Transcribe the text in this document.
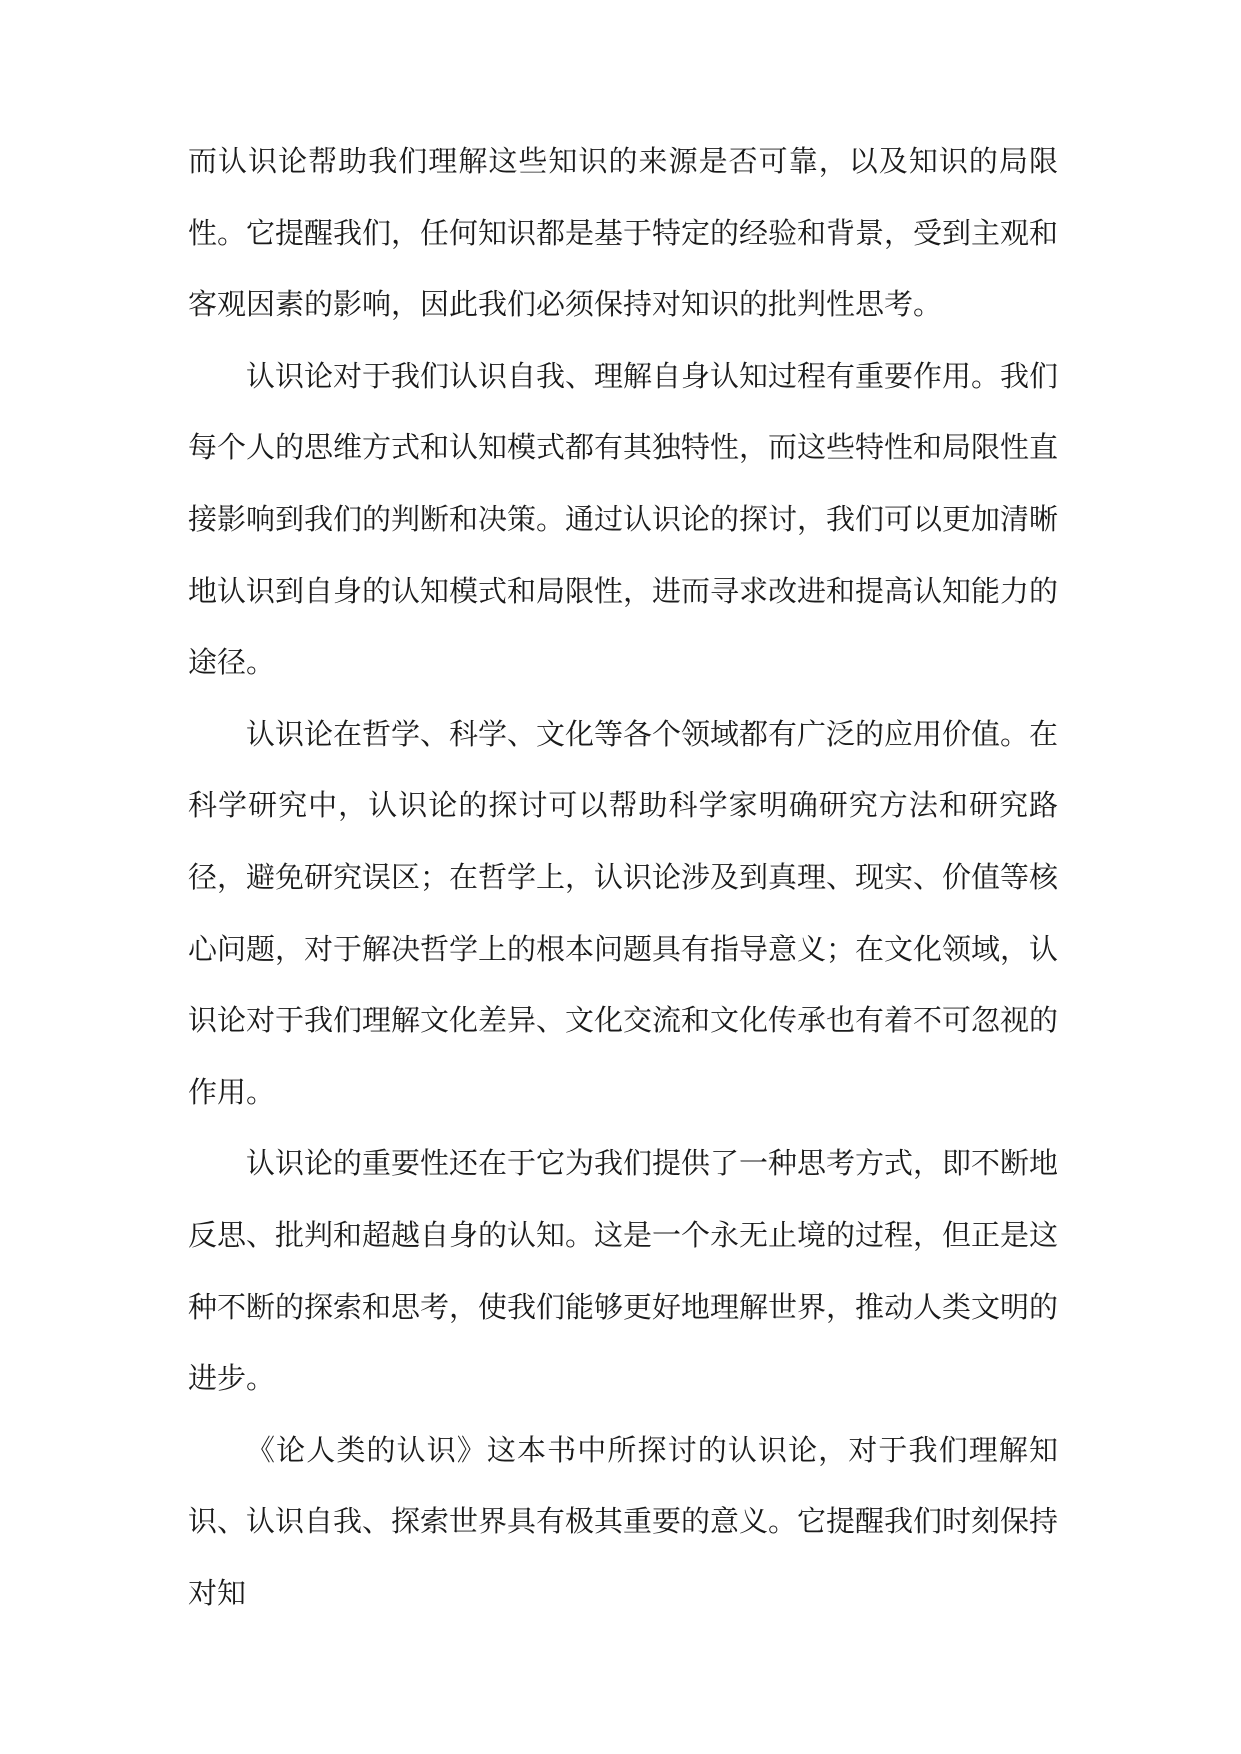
而认识论帮助我们理解这些知识的来源是否可靠，以及知识的局限性。它提醒我们，任何知识都是基于特定的经验和背景，受到主观和客观因素的影响，因此我们必须保持对知识的批判性思考。

认识论对于我们认识自我、理解自身认知过程有重要作用。我们每个人的思维方式和认知模式都有其独特性，而这些特性和局限性直接影响到我们的判断和决策。通过认识论的探讨，我们可以更加清晰地认识到自身的认知模式和局限性，进而寻求改进和提高认知能力的途径。

认识论在哲学、科学、文化等各个领域都有广泛的应用价值。在科学研究中，认识论的探讨可以帮助科学家明确研究方法和研究路径，避免研究误区；在哲学上，认识论涉及到真理、现实、价值等核心问题，对于解决哲学上的根本问题具有指导意义；在文化领域，认识论对于我们理解文化差异、文化交流和文化传承也有着不可忽视的作用。

认识论的重要性还在于它为我们提供了一种思考方式，即不断地反思、批判和超越自身的认知。这是一个永无止境的过程，但正是这种不断的探索和思考，使我们能够更好地理解世界，推动人类文明的进步。

《论人类的认识》这本书中所探讨的认识论，对于我们理解知识、认识自我、探索世界具有极其重要的意义。它提醒我们时刻保持对知
